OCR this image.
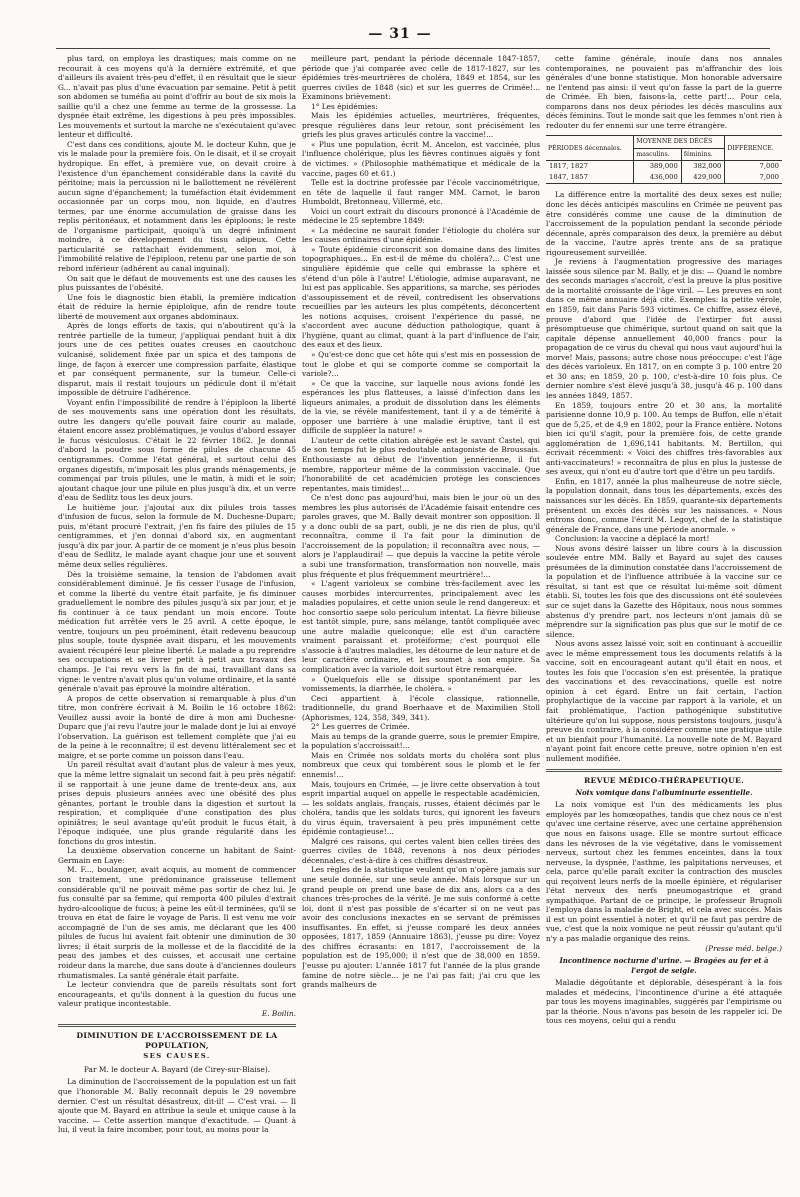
— 31 —

plus tard, on employa les drastiques; mais comme on ne recourait à ces moyens qu'à la dernière extrémité, et que d'ailleurs ils avaient très-peu d'effet, il en résultait que le sieur G... n'avait pas plus d'une évacuation par semaine. Petit à petit son abdomen se tuméfia au point d'offrir au bout de six mois la saillie qu'il a chez une femme au terme de la grossesse. La dyspnée était extrême, les digestions à peu près impossibles. Les mouvements et surtout la marche ne s'exécutaient qu'avec lenteur et difficulté.

C'est dans ces conditions, ajoute M. le docteur Kuhn, que je vis le malade pour la première fois. On le disait, et il se croyait hydropique. En effet, à première vue, on devait croire à l'existence d'un épanchement considérable dans la cavité du péritoine; mais la percussion ni le ballottement ne révélèrent aucun signe d'épanchement; la tuméfaction était évidemment occasionnée par un corps mou, non liquide, en d'autres termes, par une énorme accumulation de graisse dans les replis péritonéaux, et notamment dans les épiploons; le reste de l'organisme participait, quoiqu'à un degré infiniment moindre, à ce développement du tissu adipeux. Cette particularité se rattachait évidemment, selon moi, à l'immobilité relative de l'épiploon, retenu par une partie de son rebord inférieur (adhérent au canal inguinal).

On sait que le défaut de mouvements est une des causes les plus puissantes de l'obésité.

Une fois le diagnostic bien établi, la première indication était de réduire la hernie épiploïque, afin de rendre toute liberté de mouvement aux organes abdominaux.

Après de longs efforts de taxis, qui n'aboutirent qu'à la rentrée partielle de la tumeur, j'appliquai pendant huit à dix jours une de ces petites ouates creuses en caoutchouc vulcanisé, solidement fixée par un spica et des tampons de linge, de façon à exercer une compression parfaite, élastique et par conséquent permanente, sur la tumeur. Celle-ci disparut, mais il restait toujours un pédicule dont il m'était impossible de détruire l'adhérence.

Voyant enfin l'impossibilité de rendre à l'épiploon la liberté de ses mouvements sans une opération dont les résultats, outre les dangers qu'elle pouvait faire courir au malade, étaient encore assez problématiques, je voulus d'abord essayer le fucus vésiculosus. C'était le 22 février 1862. Je donnai d'abord la poudre sous forme de pilules de chacune 45 centigrammes. Comme l'état général, et surtout celui des organes digestifs, m'imposait les plus grands ménagements, je commençai par trois pilules, une le matin, à midi et le soir; ajoutant chaque jour une pilule en plus jusqu'à dix, et un verre d'eau de Sedlitz tous les deux jours.

Le huitième jour, j'ajoutai aux dix pilules trois tasses d'infusion de fucus, selon la formule de M. Duchesne-Duparc; puis, m'étant procuré l'extrait, j'en fis faire des pilules de 15 centigrammes, et j'en donnai d'abord six, en augmentant jusqu'à dix par jour. A partir de ce moment je n'eus plus besoin d'eau de Sedlitz, le malade ayant chaque jour une et souvent même deux selles régulières.

Dès la troisième semaine, la tension de l'abdomen avait considérablement diminué. Je fis cesser l'usage de l'infusion, et comme la liberté du ventre était parfaite, je fis diminuer graduellement le nombre des pilules jusqu'à six par jour, et je fis continuer à ce taux pendant un mois encore. Toute médication fut arrêtée vers le 25 avril. A cette époque, le ventre, toujours un peu proéminent, était redevenu beaucoup plus souple, toute dyspnée avait disparu, et les mouvements avaient récupéré leur pleine liberté. Le malade a pu reprendre ses occupations et se livrer petit à petit aux travaux des champs. Je l'ai revu vers la fin de mai, travaillant dans sa vigne: le ventre n'avait plus qu'un volume ordinaire, et la santé générale n'avait pas éprouvé la moindre altération.

A propos de cette observation si remarquable à plus d'un titre, mon confrère écrivait à M. Boilin le 16 octobre 1862: Veuillez aussi avoir la bonté de dire à mon ami Duchesne-Duparc que j'ai revu l'autre jour le malade dont je lui ai envoyé l'observation. La guérison est tellement complète que j'ai eu de la peine à le reconnaître; il est devenu littéralement sec et maigre, et se porte comme un poisson dans l'eau.

Un pareil résultat avait d'autant plus de valeur à mes yeux, que la même lettre signalait un second fait à peu près négatif: il se rapportait à une jeune dame de trente-deux ans, aux prises depuis plusieurs années avec une obésité des plus gênantes, portant le trouble dans la digestion et surtout la respiration, et compliquée d'une constipation des plus opiniâtres; le seul avantage qu'eût produit le fucus était, à l'époque indiquée, une plus grande régularité dans les fonctions du gros intestin.

La deuxième observation concerne un habitant de Saint-Germain en Laye:

M. F..., boulanger, avait acquis, au moment de commencer son traitement, une prédominance graisseuse tellement considérable qu'il ne pouvait même pas sortir de chez lui. Je fus consulté par sa femme, qui remporta 400 pilules d'extrait hydro-alcoolique de fucus; à peine les eût-il terminées, qu'il se trouva en état de faire le voyage de Paris. Il est venu me voir accompagné de l'un de ses amis, me déclarant que les 400 pilules de fucus lui avaient fait obtenir une diminution de 30 livres; il était surpris de la mollesse et de la flaccidité de la peau des jambes et des cuisses, et accusait une certaine roideur dans la marche, due sans doute à d'anciennes douleurs rhumatismales. La santé générale était parfaite.

Le lecteur conviendra que de pareils résultats sont fort encourageants, et qu'ils donnent à la question du fucus une valeur pratique incontestable.

E. Boilin.
DIMINUTION DE L'ACCROISSEMENT DE LA POPULATION,
SES CAUSES.

Par M. le docteur A. Bayard (de Cirey-sur-Blaise).

La diminution de l'accroissement de la population est un fait que l'honorable M. Bally reconnaît depuis le 29 novembre dernier. C'est un résultat désastreux, dit-il! — C'est vrai. — Il ajoute que M. Bayard en attribue la seule et unique cause à la vaccine. — Cette assertion manque d'exactitude. — Quant à lui, il veut la faire incomber, pour tout, au moins pour la

meilleure part, pendant la période décennale 1847-1857, période que j'ai comparée avec celle de 1817-1827, sur les épidémies très-meurtrières de choléra, 1849 et 1854, sur les guerres civiles de 1848 (sic) et sur les guerres de Crimée!... Examinons brièvement:

1° Les épidémies:

Mais les épidémies actuelles, meurtrières, fréquentes, presque régulières dans leur retour, sont précisément les griefs les plus graves articulés contre la vaccine!...

« Plus une population, écrit M. Ancelon, est vaccinée, plus l'influence cholérique, plus les fièvres continues aiguës y font de victimes. » (Philosophie mathématique et médicale de la vaccine, pages 60 et 61.)

Telle est la doctrine professée par l'école vaccinométrique, en tête de laquelle il faut ranger MM. Carnot, le baron Humboldt, Bretonneau, Villermé, etc.

Voici un court extrait du discours prononcé à l'Académie de médecine le 25 septembre 1849:

« La médecine ne saurait fonder l'étiologie du choléra sur les causes ordinaires d'une épidémie.

» Toute épidémie circonscrit son domaine dans des limites topographiques... En est-il de même du choléra?... C'est une singulière épidémie que celle qui embrasse la sphère et s'étend d'un pôle à l'autre! L'étiologie, admise auparavant, ne lui est pas applicable. Ses apparitions, sa marche, ses périodes d'assoupissement et de réveil, contredisent les observations recueillies par les auteurs les plus compétents, déconcertent les notions acquises, croisent l'expérience du passé, ne s'accordent avec aucune déduction pathologique, quant à l'hygiène, quant au climat, quant à la part d'influence de l'air, des eaux et des lieux.

» Qu'est-ce donc que cet hôte qui s'est mis en possession de tout le globe et qui se comporte comme se comportait la variole?...

» Ce que la vaccine, sur laquelle nous avions fondé les espérances les plus flatteuses, a laissé d'infection dans les liqueurs animales, a produit de dissolution dans les éléments de la vie, se révèle manifestement, tant il y a de témérité à opposer une barrière à une maladie éruptive, tant il est difficile de suppléer la nature! »

L'auteur de cette citation abrégée est le savant Castel, qui de son temps fut le plus redoutable antagoniste de Broussais. Enthousiaste au début de l'invention jennérienne, il fut membre, rapporteur même de la commission vaccinale. Que l'honorabilité de cet académicien protège les consciences repentantes, mais timides!...

Ce n'est donc pas aujourd'hui, mais bien le jour où un des membres les plus autorisés de l'Académie faisait entendre ces paroles graves, que M. Bally devait montrer son opposition. Il y a donc oubli de sa part, oubli, je ne dis rien de plus, qu'il reconnaîtra, comme il l'a fait pour la diminution de l'accroissement de la population; il reconnaîtra avec nous, — alors je l'applaudirai! — que depuis la vaccine la petite vérole a subi une transformation, transformation non nouvelle, mais plus fréquente et plus fréquemment meurtrière!...

« L'agent varioleux se combine très-facilement avec les causes morbides intercurrentes, principalement avec les maladies populaires, et cette union seule le rend dangereux: et hoc consortio saepe solo periculum intentat. La fièvre bilieuse est tantôt simple, pure, sans mélange, tantôt compliquée avec une autre maladie quelconque; elle est d'un caractère vraiment paraissant et protéiforme; c'est pourquoi elle s'associe à d'autres maladies, les détourne de leur nature et de leur caractère ordinaire, et les soumet à son empire. Sa complication avec la variole doit surtout être remarquée.

» Quelquefois elle se dissipe spontanément par les vomissements, la diarrhée, le choléra. »

Ceci appartient à l'école classique, rationnelle, traditionnelle, du grand Boerhaave et de Maximilien Stoll (Aphorismes, 124, 358, 349, 341).

2° Les guerres de Crimée.

Mais au temps de la grande guerre, sous le premier Empire, la population s'accroissait!...

Mais en Crimée nos soldats morts du choléra sont plus nombreux que ceux qui tombèrent sous le plomb et le fer ennemis!...

Mais, toujours en Crimée, — je livre cette observation à tout esprit impartial auquel on appelle le respectable académicien, — les soldats anglais, français, russes, étaient décimés par le choléra, tandis que les soldats turcs, qui ignorent les faveurs du virus équin, traversaient à peu près impunément cette épidémie contagieuse!...

Malgré ces raisons, qui certes valent bien celles tirées des guerres civiles de 1848, revenons à nos deux périodes décennales, c'est-à-dire à ces chiffres désastreux.

Les règles de la statistique veulent qu'on n'opère jamais sur une seule donnée, sur une seule année. Mais lorsque sur un grand peuple on prend une base de dix ans, alors ca a des chances très-proches de la vérité. Je me suis conformé à cette loi, dont il n'est pas possible de s'écarter si on ne veut pas avoir des conclusions inexactes en se servant de prémisses insuffisantes. En effet, si j'eusse comparé les deux années opposées, 1817, 1859 (Annuaire 1863), j'eusse pu dire: Voyez des chiffres écrasants: en 1817, l'accroissement de la population est de 195,000; il n'est que de 38,000 en 1859. J'eusse pu ajouter: L'année 1817 fut l'année de la plus grande famine de notre siècle... je ne l'ai pas fait; j'ai cru que les grands malheurs de

cette famine générale, inouïe dans nos annales contemporaines, ne pouvaient pas m'affranchir des lois générales d'une bonne statistique. Mon honorable adversaire ne l'entend pas ainsi: il veut qu'on fasse la part de la guerre de Crimée. Eh bien, faisons-la, cette part!... Pour cela, comparons dans nos deux périodes les décès masculins aux décès féminins. Tout le monde sait que les femmes n'ont rien à redouter du fer ennemi sur une terre étrangère.

PÉRIODES décennales.	MOYENNE DES DÉCÈS		DIFFÉRENCE.
	masculins.	féminins.	
1817, 1827	389,000	382,000	7,000
1847, 1857	436,000	429,000	7,000

La différence entre la mortalité des deux sexes est nulle; donc les décès anticipés masculins en Crimée ne peuvent pas être considérés comme une cause de la diminution de l'accroissement de la population pendant la seconde période décennale, après comparaison des deux, la première au début de la vaccine, l'autre après trente ans de sa pratique rigoureusement surveillée.

Je reviens à l'augmentation progressive des mariages laissée sous silence par M. Bally, et je dis: — Quand le nombre des seconds mariages s'accroît, c'est la preuve la plus positive de la mortalité croissante de l'âge viril. — Les preuves en sont dans ce même annuaire déjà cité. Exemples: la petite vérole, en 1859, fait dans Paris 593 victimes. Ce chiffre, assez élevé, prouve d'abord que l'idée de l'extirper fut aussi présomptueuse que chimérique, surtout quand on sait que la capitale dépense annuellement 40,000 francs pour la propagation de ce virus du cheval qui nous vaut aujourd'hui la morve! Mais, passons; autre chose nous préoccupe: c'est l'âge des décès varioleux. En 1817, on en compte 3 p. 100 entre 20 et 30 ans; en 1859, 20 p. 100, c'est-à-dire 10 fois plus. Ce dernier nombre s'est élevé jusqu'à 38, jusqu'à 46 p. 100 dans les années 1849, 1857.

En 1859, toujours entre 20 et 30 ans, la mortalité parisienne donne 10,9 p. 100. Au temps de Buffon, elle n'était que de 5,25, et de 4,9 en 1802, pour la France entière. Notons bien ici qu'il s'agit, pour la première fois, de cette grande agglomération de 1,696,141 habitants. M. Bertillon, qui écrivait récemment: « Voici des chiffres très-favorables aux anti-vaccinateurs! » reconnaîtra de plus en plus la justesse de ses aveux, qui n'ont eu d'autre tort que d'être un peu tardifs.

Enfin, en 1817, année la plus malheureuse de notre siècle, la population donnait, dans tous les départements, excès des naissances sur les décès. En 1859, quarante-six départements présentent un excès des décès sur les naissances. « Nous entrons donc, comme l'écrit M. Legoyt, chef de la statistique générale de France, dans une période anormale. »

Conclusion: la vaccine a déplacé la mort!

Nous avons désiré laisser un libre cours à la discussion soulevée entre MM. Bally et Bayard au sujet des causes présumées de la diminution constatée dans l'accroissement de la population et de l'influence attribuée à la vaccine sur ce résultat, si tant est que ce résultat lui-même soit dûment établi. Si, toutes les fois que des discussions ont été soulevées sur ce sujet dans la Gazette des Hôpitaux, nous nous sommes abstenus d'y prendre part, nos lecteurs n'ont jamais dû se méprendre sur la signification pas plus que sur le motif de ce silence.

Nous avons assez laissé voir, soit en continuant à accueillir avec le même empressement tous les documents relatifs à la vaccine, soit en encourageant autant qu'il était en nous, et toutes les fois que l'occasion s'en est présentée, la pratique des vaccinations et des revaccinations, quelle est notre opinion à cet égard. Entre un fait certain, l'action prophylactique de la vaccine par rapport à la variole, et un fait problématique, l'action pathogénique substitutive ultérieure qu'on lui suppose, nous persistons toujours, jusqu'à preuve du contraire, à la considérer comme une pratique utile et un bienfait pour l'humanité. La nouvelle note de M. Bayard n'ayant point fait encore cette preuve, notre opinion n'en est nullement modifiée.

REVUE MÉDICO-THÉRAPEUTIQUE.
Noix vomique dans l'albuminurie essentielle.

La noix vomique est l'un des médicaments les plus employés par les homœopathes, tandis que chez nous ce n'est qu'avec une certaine réserve, avec une certaine appréhension que nous en faisons usage. Elle se montre surtout efficace dans les névroses de la vie végétative, dans le vomissement nerveux, surtout chez les femmes enceintes, dans la toux nerveuse, la dyspnée, l'asthme, les palpitations nerveuses, et cela, parce qu'elle paraît exciter la contraction des muscles qui reçoivent leurs nerfs de la moelle épinière, et régulariser l'état nerveux des nerfs pneumogastrique et grand sympathique. Partant de ce principe, le professeur Brugnoli l'employa dans la maladie de Bright, et cela avec succès. Mais il est un point essentiel à noter, et qu'il ne faut pas perdre de vue, c'est que la noix vomique ne peut réussir qu'autant qu'il n'y a pas maladie organique des reins.

(Presse méd. belge.)
Incontinence nocturne d'urine. — Bragées au fer et à l'ergot de seigle.

Maladie dégoûtante et déplorable, désespérant à la fois malades et médecins, l'incontinence d'urine a été attaquée par tous les moyens imaginables, suggérés par l'empirisme ou par la théorie. Nous n'avons pas besoin de les rappeler ici. De tous ces moyens, celui qui a rendu
